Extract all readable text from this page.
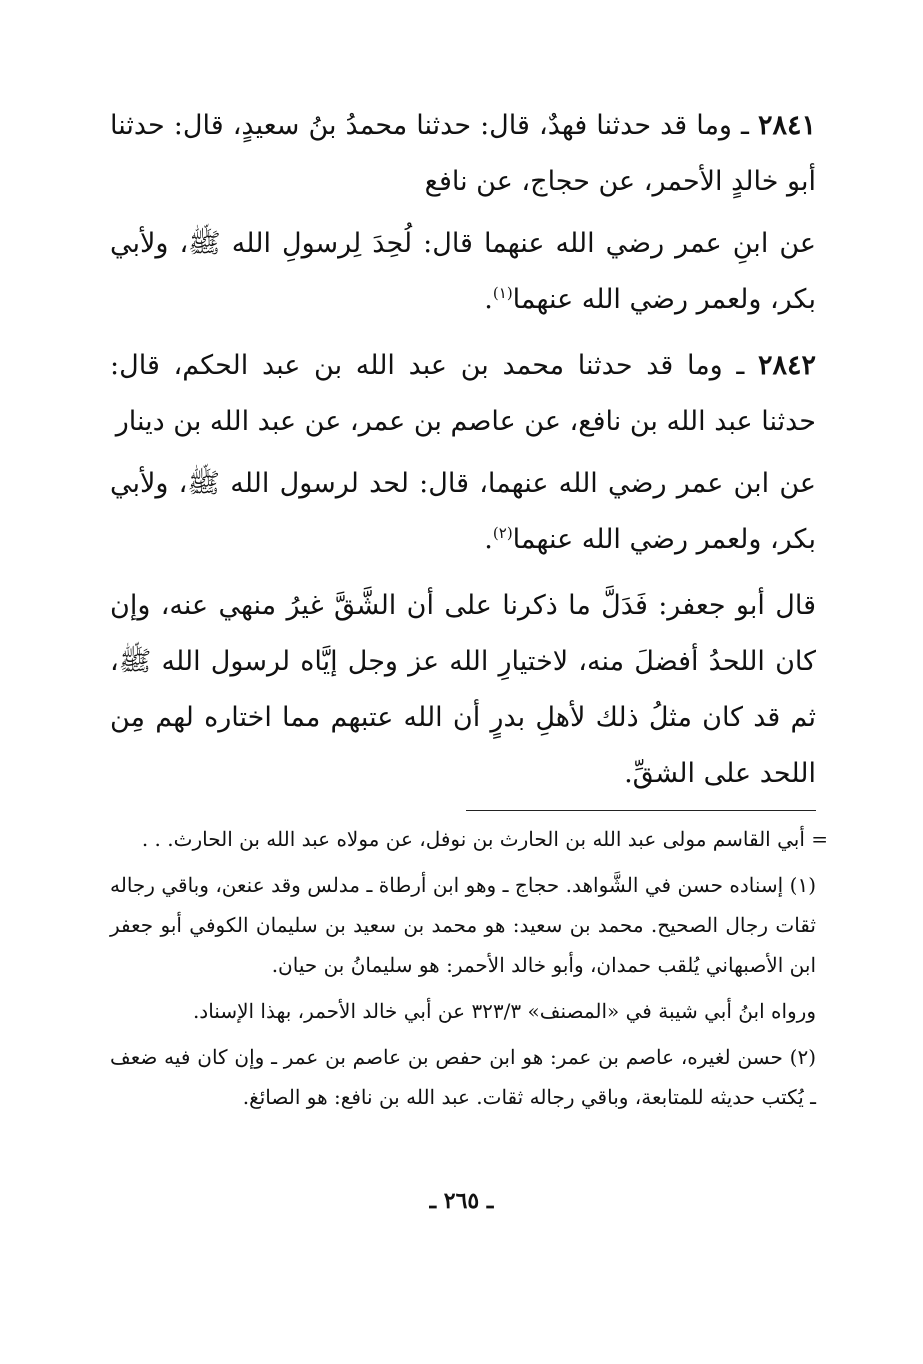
٢٨٤١ ـ وما قد حدثنا فهدٌ، قال: حدثنا محمدُ بنُ سعيدٍ، قال: حدثنا أبو خالدٍ الأحمر، عن حجاج، عن نافع

عن ابنِ عمر رضي الله عنهما قال: لُحِدَ لِرسولِ الله ﷺ، ولأبي بكر، ولعمر رضي الله عنهما$^{(١)}$.

٢٨٤٢ ـ وما قد حدثنا محمد بن عبد الله بن عبد الحكم، قال: حدثنا عبد الله بن نافع، عن عاصم بن عمر، عن عبد الله بن دينار

عن ابن عمر رضي الله عنهما، قال: لحد لرسول الله ﷺ، ولأبي بكر، ولعمر رضي الله عنهما$^{(٢)}$.

قال أبو جعفر: فَدَلَّ ما ذكرنا على أن الشَّقَّ غيرُ منهي عنه، وإن كان اللحدُ أفضلَ منه، لاختيارِ الله عز وجل إيَّاه لرسول الله ﷺ، ثم قد كان مثلُ ذلك لأهلِ بدرٍ أن الله عتبهم مما اختاره لهم مِن اللحد على الشقِّ.

= أبي القاسم مولى عبد الله بن الحارث بن نوفل، عن مولاه عبد الله بن الحارث. . .

(١) إسناده حسن في الشَّواهد. حجاج ـ وهو ابن أرطاة ـ مدلس وقد عنعن، وباقي رجاله ثقات رجال الصحيح. محمد بن سعيد: هو محمد بن سعيد بن سليمان الكوفي أبو جعفر ابن الأصبهاني يُلقب حمدان، وأبو خالد الأحمر: هو سليمانُ بن حيان.

ورواه ابنُ أبي شيبة في «المصنف» ٣٢٣/٣ عن أبي خالد الأحمر، بهذا الإسناد.

(٢) حسن لغيره، عاصم بن عمر: هو ابن حفص بن عاصم بن عمر ـ وإن كان فيه ضعف ـ يُكتب حديثه للمتابعة، وباقي رجاله ثقات. عبد الله بن نافع: هو الصائغ.

ـ ٢٦٥ ـ
